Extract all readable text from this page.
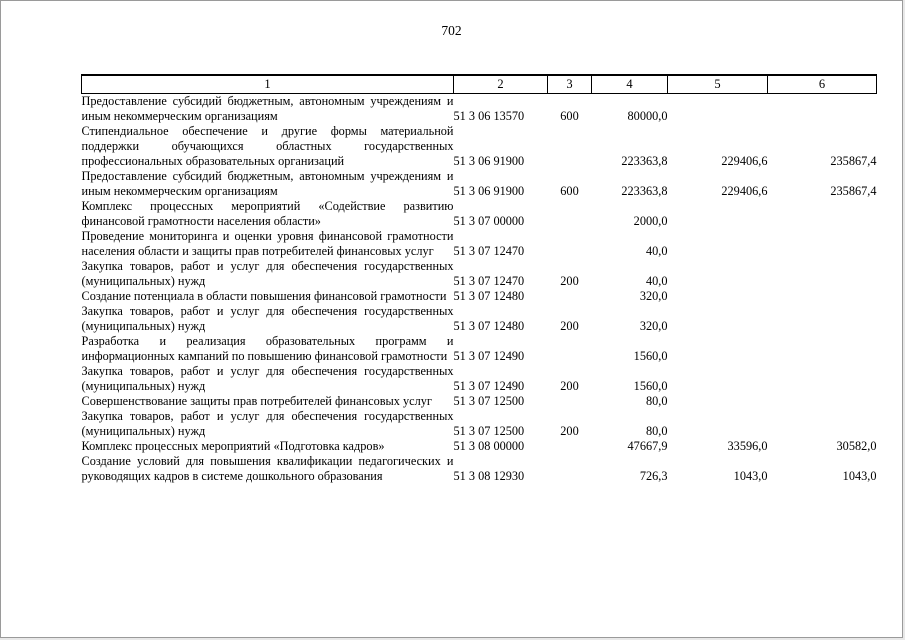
702
1	2	3	4	5	6
Предоставление субсидий бюджетным, автономным учреждениям и иным некоммерческим организациям	51 3 06 13570	600	80000,0		
Стипендиальное обеспечение и другие формы материальной поддержки обучающихся областных государственных профессиональных образовательных организаций	51 3 06 91900		223363,8	229406,6	235867,4
Предоставление субсидий бюджетным, автономным учреждениям и иным некоммерческим организациям	51 3 06 91900	600	223363,8	229406,6	235867,4
Комплекс процессных мероприятий «Содействие развитию финансовой грамотности населения области»	51 3 07 00000		2000,0		
Проведение мониторинга и оценки уровня финансовой грамотности населения области и защиты прав потребителей финансовых услуг	51 3 07 12470		40,0		
Закупка товаров, работ и услуг для обеспечения государственных (муниципальных) нужд	51 3 07 12470	200	40,0		
Создание потенциала в области повышения финансовой грамотности	51 3 07 12480		320,0		
Закупка товаров, работ и услуг для обеспечения государственных (муниципальных) нужд	51 3 07 12480	200	320,0		
Разработка и реализация образовательных программ и информационных кампаний по повышению финансовой грамотности	51 3 07 12490		1560,0		
Закупка товаров, работ и услуг для обеспечения государственных (муниципальных) нужд	51 3 07 12490	200	1560,0		
Совершенствование защиты прав потребителей финансовых услуг	51 3 07 12500		80,0		
Закупка товаров, работ и услуг для обеспечения государственных (муниципальных) нужд	51 3 07 12500	200	80,0		
Комплекс процессных мероприятий «Подготовка кадров»	51 3 08 00000		47667,9	33596,0	30582,0
Создание условий для повышения квалификации педагогических и руководящих кадров в системе дошкольного образования	51 3 08 12930		726,3	1043,0	1043,0
